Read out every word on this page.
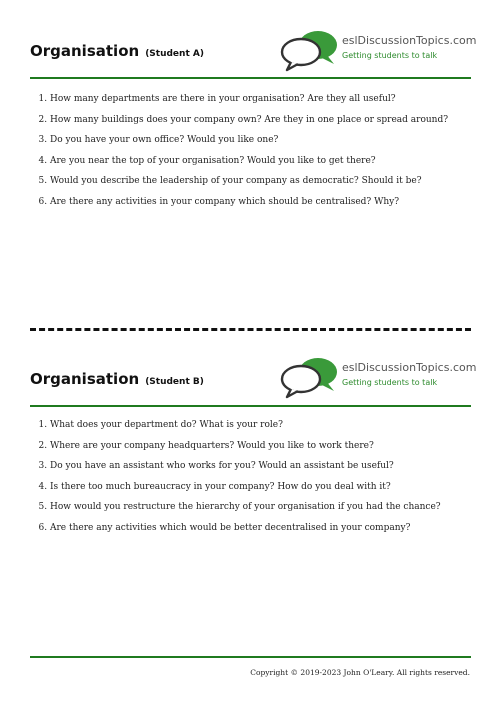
Organisation (Student A)
eslDiscussionTopics.com
Getting students to talk
1. How many departments are there in your organisation? Are they all useful?
2. How many buildings does your company own? Are they in one place or spread around?
3. Do you have your own office? Would you like one?
4. Are you near the top of your organisation? Would you like to get there?
5. Would you describe the leadership of your company as democratic? Should it be?
6. Are there any activities in your company which should be centralised? Why?
Organisation (Student B)
eslDiscussionTopics.com
Getting students to talk
1. What does your department do? What is your role?
2. Where are your company headquarters? Would you like to work there?
3. Do you have an assistant who works for you? Would an assistant be useful?
4. Is there too much bureaucracy in your company? How do you deal with it?
5. How would you restructure the hierarchy of your organisation if you had the chance?
6. Are there any activities which would be better decentralised in your company?
Copyright © 2019-2023 John O'Leary. All rights reserved.
